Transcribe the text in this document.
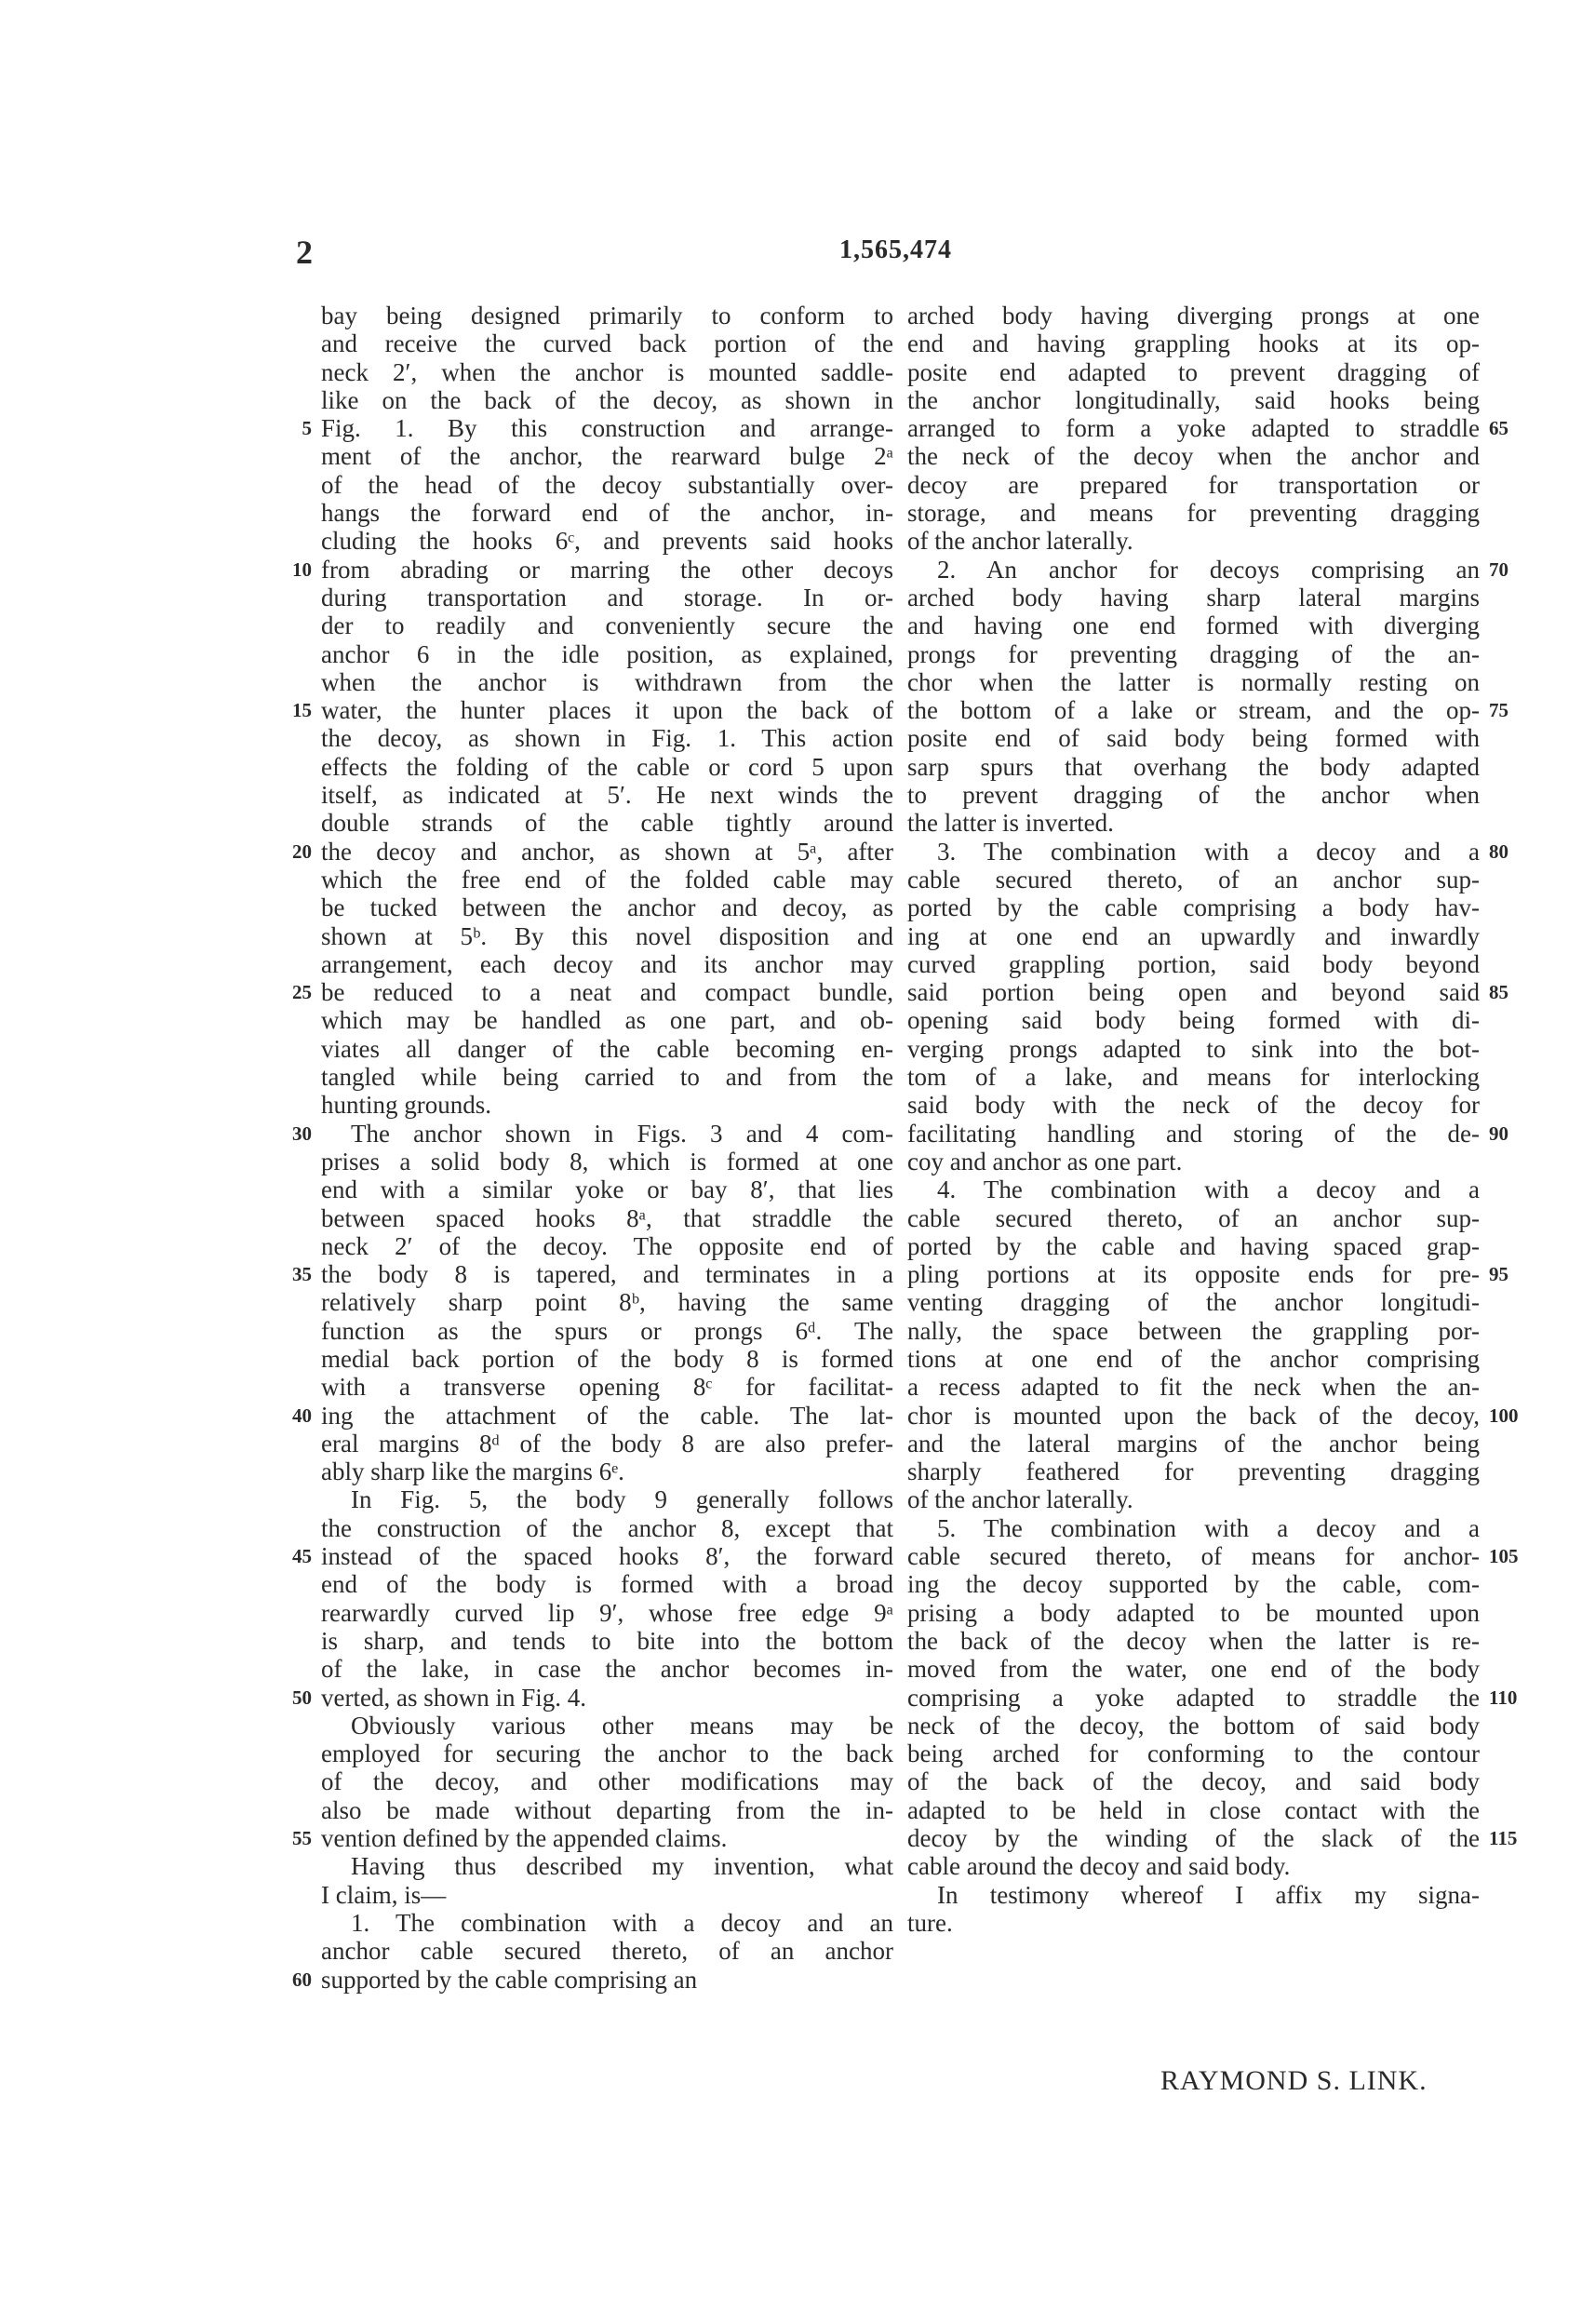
2	1,565,474
bay being designed primarily to conform to
and receive the curved back portion of the
neck 2′, when the anchor is mounted saddle-
like on the back of the decoy, as shown in
Fig. 1. By this construction and arrange-
ment of the anchor, the rearward bulge 2ᵃ
of the head of the decoy substantially over-
hangs the forward end of the anchor, in-
cluding the hooks 6ᶜ, and prevents said hooks
from abrading or marring the other decoys
during transportation and storage. In or-
der to readily and conveniently secure the
anchor 6 in the idle position, as explained,
when the anchor is withdrawn from the
water, the hunter places it upon the back of
the decoy, as shown in Fig. 1. This action
effects the folding of the cable or cord 5 upon
itself, as indicated at 5′. He next winds the
double strands of the cable tightly around
the decoy and anchor, as shown at 5ᵃ, after
which the free end of the folded cable may
be tucked between the anchor and decoy, as
shown at 5ᵇ. By this novel disposition and
arrangement, each decoy and its anchor may
be reduced to a neat and compact bundle,
which may be handled as one part, and ob-
viates all danger of the cable becoming en-
tangled while being carried to and from the
hunting grounds.
The anchor shown in Figs. 3 and 4 com-
prises a solid body 8, which is formed at one
end with a similar yoke or bay 8′, that lies
between spaced hooks 8ᵃ, that straddle the
neck 2′ of the decoy. The opposite end of
the body 8 is tapered, and terminates in a
relatively sharp point 8ᵇ, having the same
function as the spurs or prongs 6ᵈ. The
medial back portion of the body 8 is formed
with a transverse opening 8ᶜ for facilitat-
ing the attachment of the cable. The lat-
eral margins 8ᵈ of the body 8 are also prefer-
ably sharp like the margins 6ᵉ.
In Fig. 5, the body 9 generally follows
the construction of the anchor 8, except that
instead of the spaced hooks 8′, the forward
end of the body is formed with a broad
rearwardly curved lip 9′, whose free edge 9ᵃ
is sharp, and tends to bite into the bottom
of the lake, in case the anchor becomes in-
verted, as shown in Fig. 4.
Obviously various other means may be
employed for securing the anchor to the back
of the decoy, and other modifications may
also be made without departing from the in-
vention defined by the appended claims.
Having thus described my invention, what
I claim, is—
1. The combination with a decoy and an
anchor cable secured thereto, of an anchor
supported by the cable comprising an
arched body having diverging prongs at one
end and having grappling hooks at its op-
posite end adapted to prevent dragging of
the anchor longitudinally, said hooks being
arranged to form a yoke adapted to straddle
the neck of the decoy when the anchor and
decoy are prepared for transportation or
storage, and means for preventing dragging
of the anchor laterally.
2. An anchor for decoys comprising an
arched body having sharp lateral margins
and having one end formed with diverging
prongs for preventing dragging of the an-
chor when the latter is normally resting on
the bottom of a lake or stream, and the op-
posite end of said body being formed with
sarp spurs that overhang the body adapted
to prevent dragging of the anchor when
the latter is inverted.
3. The combination with a decoy and a
cable secured thereto, of an anchor sup-
ported by the cable comprising a body hav-
ing at one end an upwardly and inwardly
curved grappling portion, said body beyond
said portion being open and beyond said
opening said body being formed with di-
verging prongs adapted to sink into the bot-
tom of a lake, and means for interlocking
said body with the neck of the decoy for
facilitating handling and storing of the de-
coy and anchor as one part.
4. The combination with a decoy and a
cable secured thereto, of an anchor sup-
ported by the cable and having spaced grap-
pling portions at its opposite ends for pre-
venting dragging of the anchor longitudi-
nally, the space between the grappling por-
tions at one end of the anchor comprising
a recess adapted to fit the neck when the an-
chor is mounted upon the back of the decoy,
and the lateral margins of the anchor being
sharply feathered for preventing dragging
of the anchor laterally.
5. The combination with a decoy and a
cable secured thereto, of means for anchor-
ing the decoy supported by the cable, com-
prising a body adapted to be mounted upon
the back of the decoy when the latter is re-
moved from the water, one end of the body
comprising a yoke adapted to straddle the
neck of the decoy, the bottom of said body
being arched for conforming to the contour
of the back of the decoy, and said body
adapted to be held in close contact with the
decoy by the winding of the slack of the
cable around the decoy and said body.
In testimony whereof I affix my signa-
ture.
5
10
15
20
25
30
35
40
45
50
55
60
65
70
75
80
85
90
95
100
105
110
115
RAYMOND S. LINK.
